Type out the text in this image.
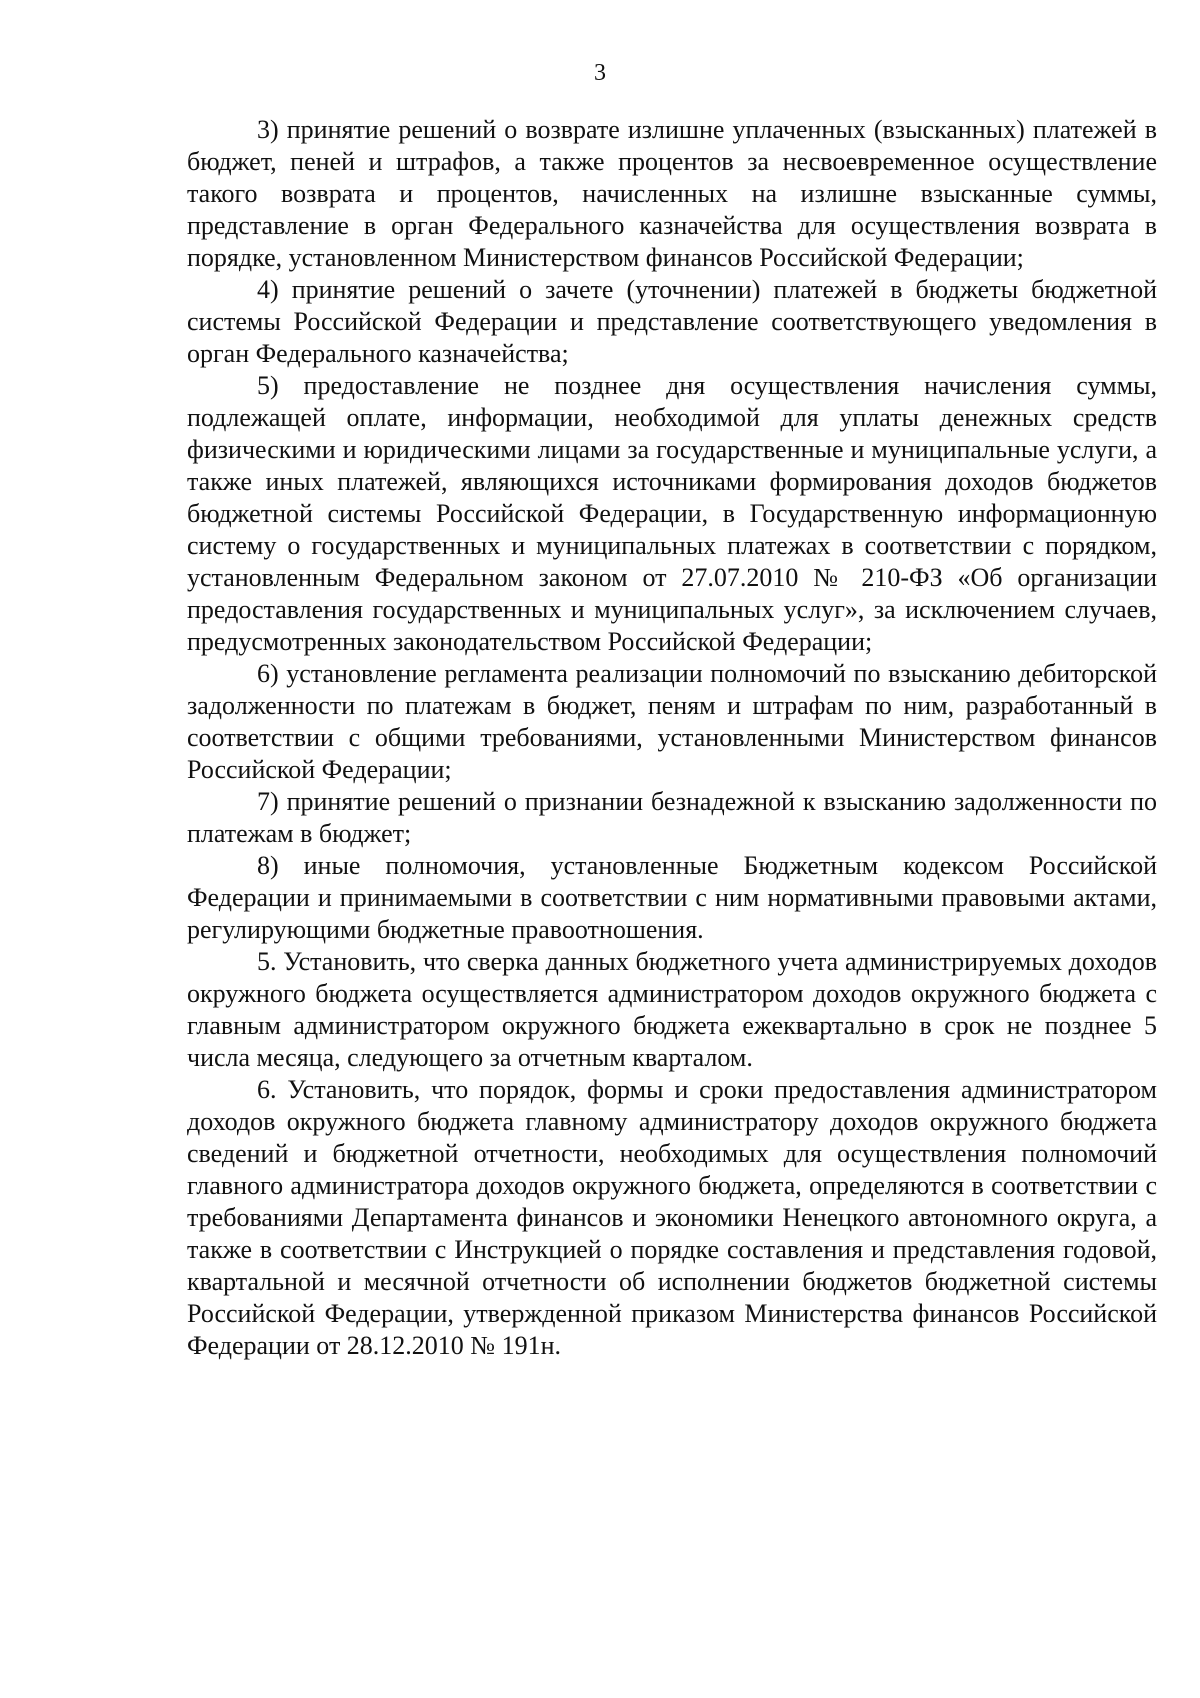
3

3) принятие решений о возврате излишне уплаченных (взысканных) платежей в бюджет, пеней и штрафов, а также процентов за несвоевременное осуществление такого возврата и процентов, начисленных на излишне взысканные суммы, представление в орган Федерального казначейства для осуществления возврата в порядке, установленном Министерством финансов Российской Федерации;

4) принятие решений о зачете (уточнении) платежей в бюджеты бюджетной системы Российской Федерации и представление соответствующего уведомления в орган Федерального казначейства;

5) предоставление не позднее дня осуществления начисления суммы, подлежащей оплате, информации, необходимой для уплаты денежных средств физическими и юридическими лицами за государственные и муниципальные услуги, а также иных платежей, являющихся источниками формирования доходов бюджетов бюджетной системы Российской Федерации, в Государственную информационную систему о государственных и муниципальных платежах в соответствии с порядком, установленным Федеральном законом от 27.07.2010 № 210-ФЗ «Об организации предоставления государственных и муниципальных услуг», за исключением случаев, предусмотренных законодательством Российской Федерации;

6) установление регламента реализации полномочий по взысканию дебиторской задолженности по платежам в бюджет, пеням и штрафам по ним, разработанный в соответствии с общими требованиями, установленными Министерством финансов Российской Федерации;

7) принятие решений о признании безнадежной к взысканию задолженности по платежам в бюджет;

8) иные полномочия, установленные Бюджетным кодексом Российской Федерации и принимаемыми в соответствии с ним нормативными правовыми актами, регулирующими бюджетные правоотношения.

5. Установить, что сверка данных бюджетного учета администрируемых доходов окружного бюджета осуществляется администратором доходов окружного бюджета с главным администратором окружного бюджета ежеквартально в срок не позднее 5 числа месяца, следующего за отчетным кварталом.

6. Установить, что порядок, формы и сроки предоставления администратором доходов окружного бюджета главному администратору доходов окружного бюджета сведений и бюджетной отчетности, необходимых для осуществления полномочий главного администратора доходов окружного бюджета, определяются в соответствии с требованиями Департамента финансов и экономики Ненецкого автономного округа, а также в соответствии с Инструкцией о порядке составления и представления годовой, квартальной и месячной отчетности об исполнении бюджетов бюджетной системы Российской Федерации, утвержденной приказом Министерства финансов Российской Федерации от 28.12.2010 № 191н.
